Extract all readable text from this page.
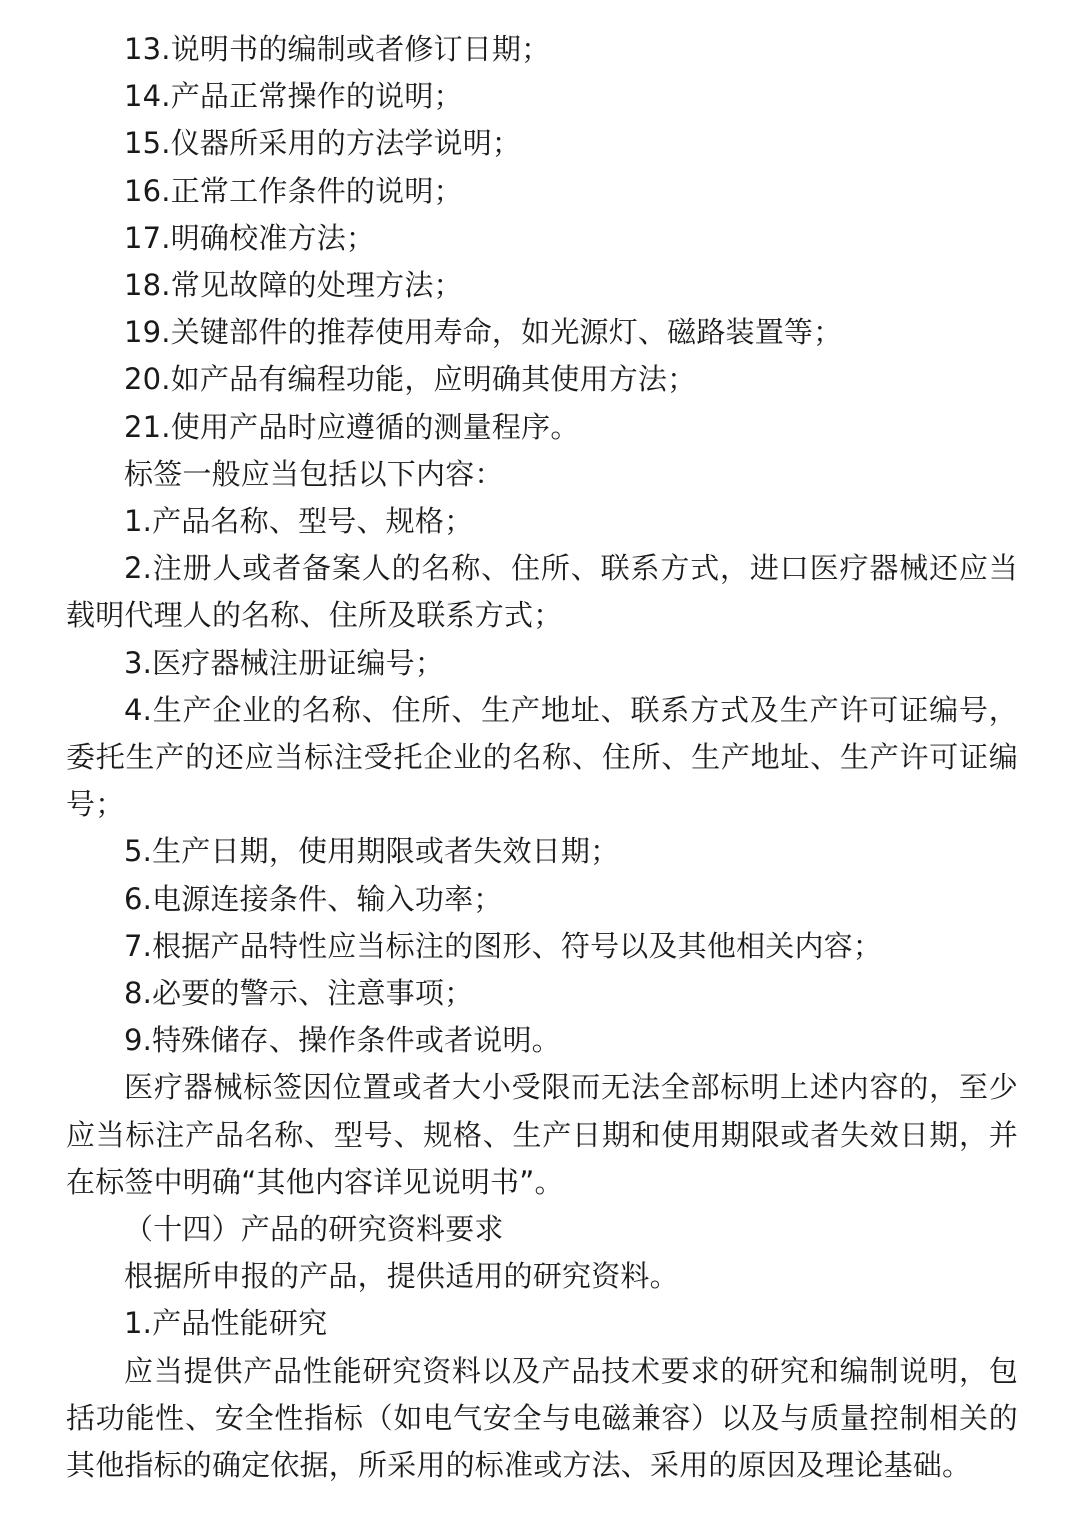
13.说明书的编制或者修订日期；

14.产品正常操作的说明；

15.仪器所采用的方法学说明；

16.正常工作条件的说明；

17.明确校准方法；

18.常见故障的处理方法；

19.关键部件的推荐使用寿命，如光源灯、磁路装置等；

20.如产品有编程功能，应明确其使用方法；

21.使用产品时应遵循的测量程序。

标签一般应当包括以下内容：

1.产品名称、型号、规格；

2.注册人或者备案人的名称、住所、联系方式，进口医疗器械还应当载明代理人的名称、住所及联系方式；

3.医疗器械注册证编号；

4.生产企业的名称、住所、生产地址、联系方式及生产许可证编号，委托生产的还应当标注受托企业的名称、住所、生产地址、生产许可证编号；

5.生产日期，使用期限或者失效日期；

6.电源连接条件、输入功率；

7.根据产品特性应当标注的图形、符号以及其他相关内容；

8.必要的警示、注意事项；

9.特殊储存、操作条件或者说明。

医疗器械标签因位置或者大小受限而无法全部标明上述内容的，至少应当标注产品名称、型号、规格、生产日期和使用期限或者失效日期，并在标签中明确“其他内容详见说明书”。

（十四）产品的研究资料要求

根据所申报的产品，提供适用的研究资料。

1.产品性能研究

应当提供产品性能研究资料以及产品技术要求的研究和编制说明，包括功能性、安全性指标（如电气安全与电磁兼容）以及与质量控制相关的其他指标的确定依据，所采用的标准或方法、采用的原因及理论基础。
